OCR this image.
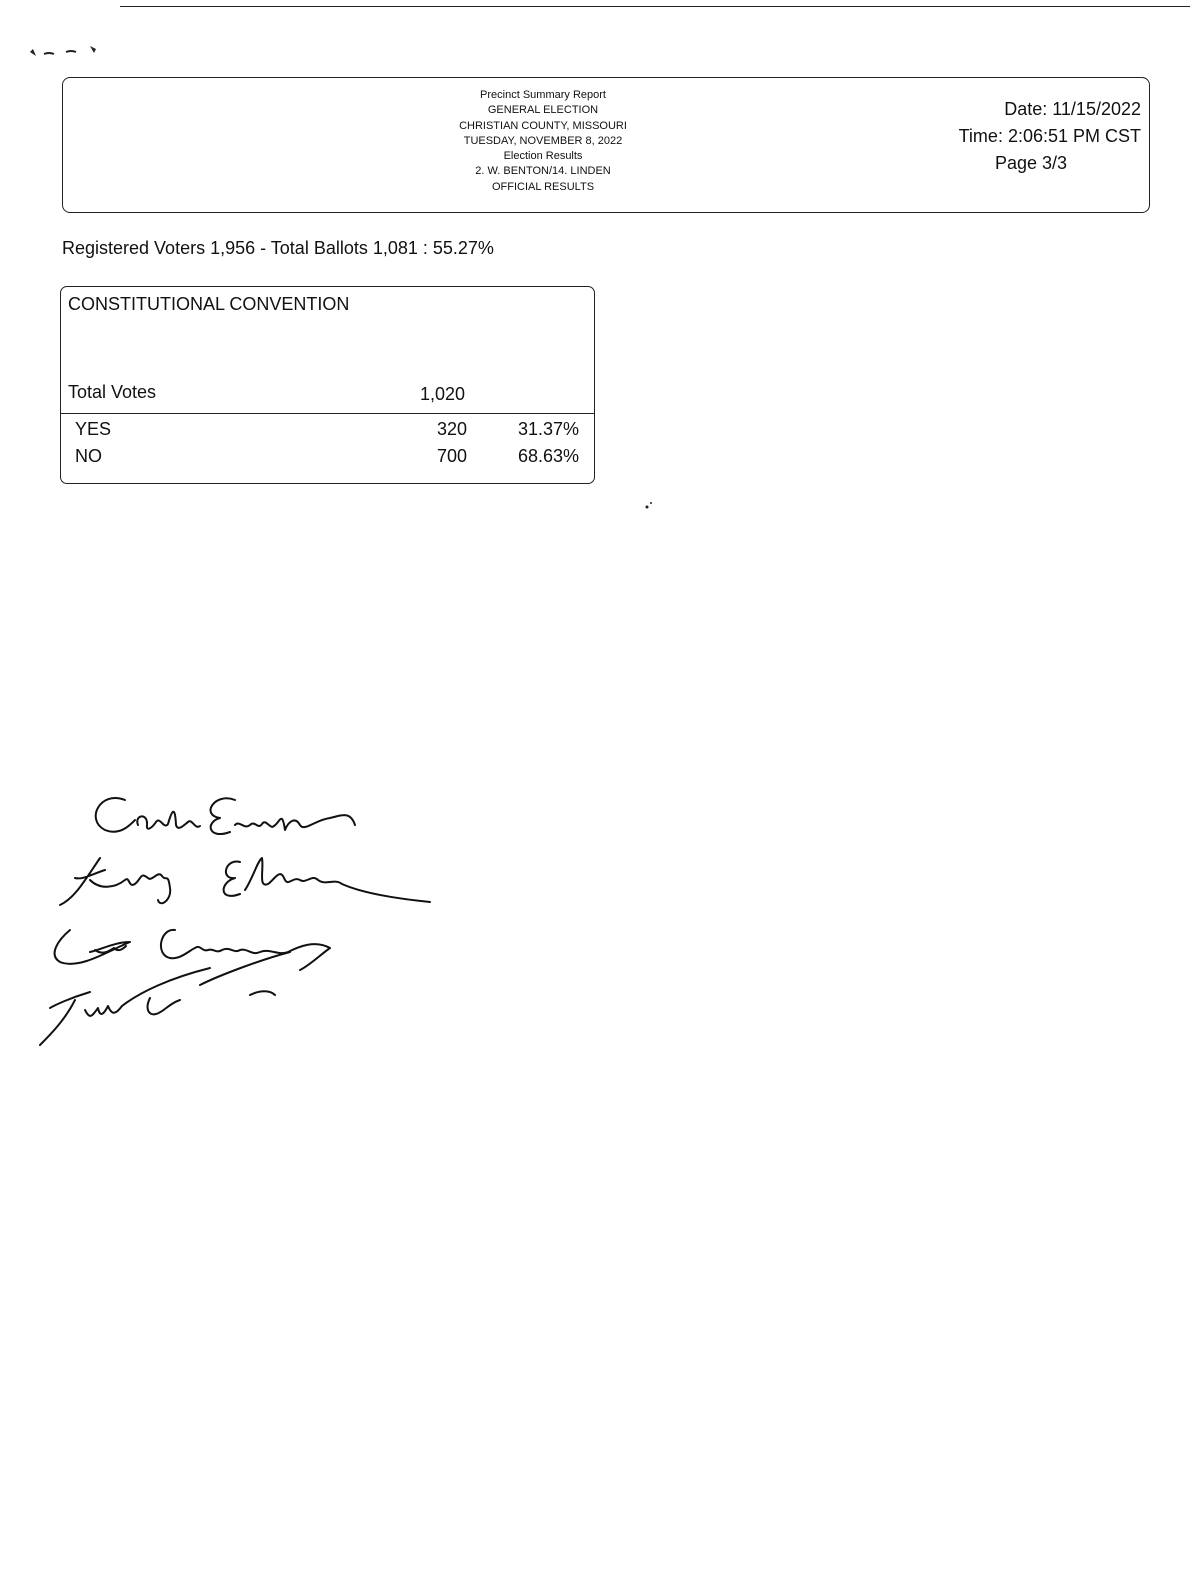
Precinct Summary Report
GENERAL ELECTION
CHRISTIAN COUNTY, MISSOURI
TUESDAY, NOVEMBER 8, 2022
Election Results
2. W. BENTON/14. LINDEN
OFFICIAL RESULTS
Date: 11/15/2022
Time: 2:06:51 PM CST
Page 3/3
Registered Voters 1,956 - Total Ballots 1,081 : 55.27%
CONSTITUTIONAL CONVENTION
Total Votes	1,020
YES	320	31.37%
NO	700	68.63%
